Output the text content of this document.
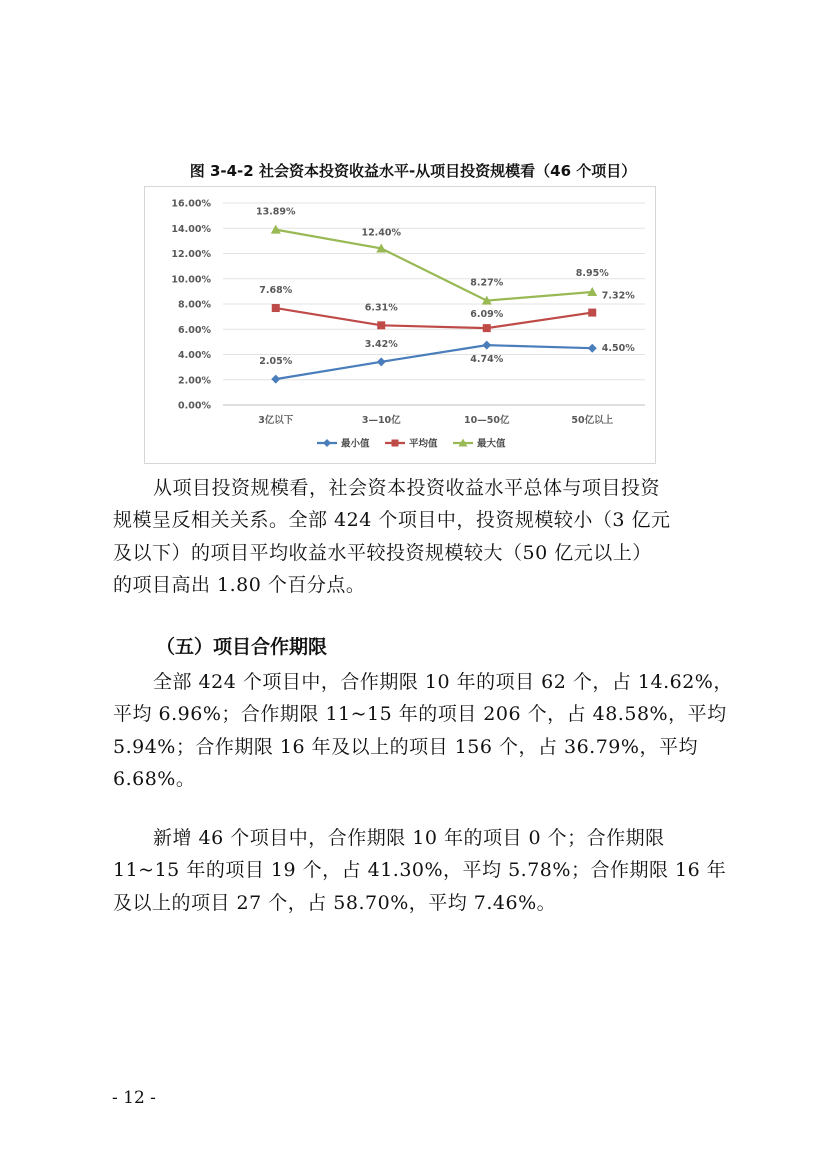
图 3-4-2 社会资本投资收益水平-从项目投资规模看（46 个项目）
0.00%
2.00%
4.00%
6.00%
8.00%
10.00%
12.00%
14.00%
16.00%
3亿以下	3—10亿	10—50亿	50亿以上
2.05%
3.42%
4.74%
4.50%
7.68%
6.31%
6.09%
7.32%
13.89%
12.40%
8.27%
8.95%
最小值	平均值	最大值
从项目投资规模看，社会资本投资收益水平总体与项目投资
规模呈反相关关系。全部 424 个项目中，投资规模较小（3 亿元
及以下）的项目平均收益水平较投资规模较大（50 亿元以上）
的项目高出 1.80 个百分点。
（五）项目合作期限
全部 424 个项目中，合作期限 10 年的项目 62 个，占 14.62%，
平均 6.96%；合作期限 11~15 年的项目 206 个，占 48.58%，平均
5.94%；合作期限 16 年及以上的项目 156 个，占 36.79%，平均
6.68%。
新增 46 个项目中，合作期限 10 年的项目 0 个；合作期限
11~15 年的项目 19 个，占 41.30%，平均 5.78%；合作期限 16 年
及以上的项目 27 个，占 58.70%，平均 7.46%。
- 12 -
